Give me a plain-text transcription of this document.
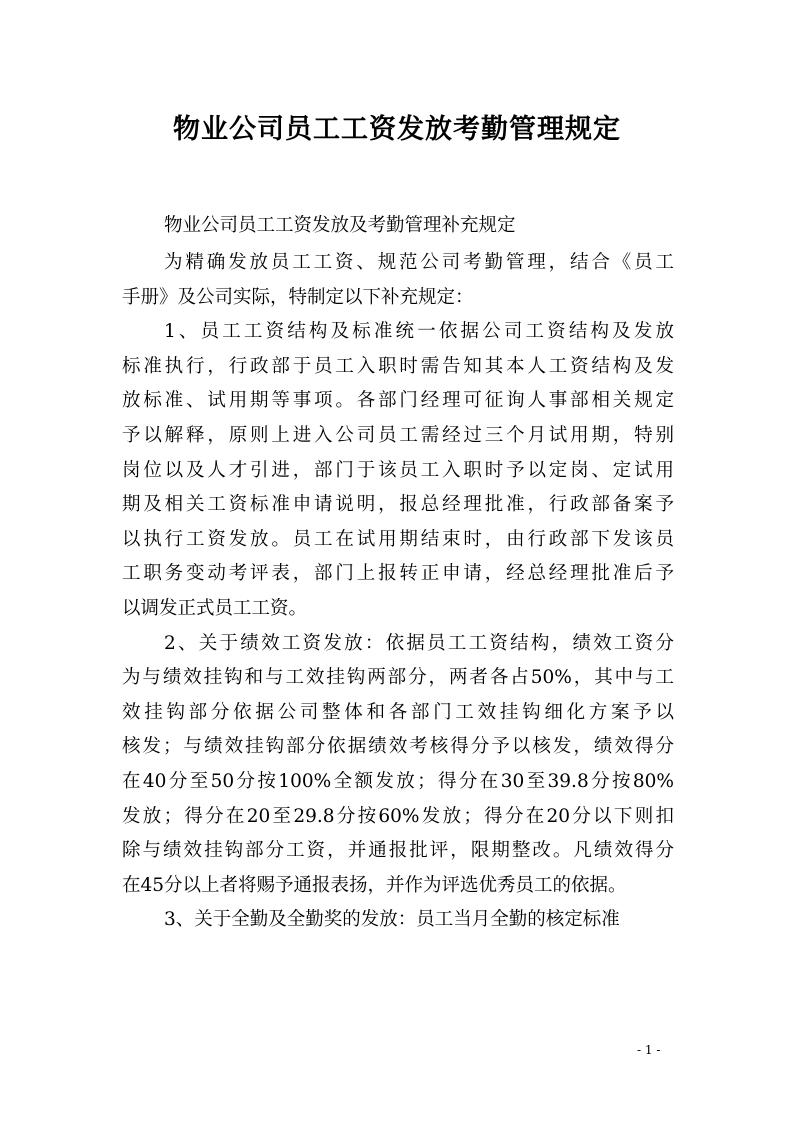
物业公司员工工资发放考勤管理规定
物业公司员工工资发放及考勤管理补充规定
为精确发放员工工资、规范公司考勤管理，结合《员工
手册》及公司实际，特制定以下补充规定：
1、员工工资结构及标准统一依据公司工资结构及发放
标准执行，行政部于员工入职时需告知其本人工资结构及发
放标准、试用期等事项。各部门经理可征询人事部相关规定
予以解释，原则上进入公司员工需经过三个月试用期，特别
岗位以及人才引进，部门于该员工入职时予以定岗、定试用
期及相关工资标准申请说明，报总经理批准，行政部备案予
以执行工资发放。员工在试用期结束时，由行政部下发该员
工职务变动考评表，部门上报转正申请，经总经理批准后予
以调发正式员工工资。
2、关于绩效工资发放：依据员工工资结构，绩效工资分
为与绩效挂钩和与工效挂钩两部分，两者各占50%，其中与工
效挂钩部分依据公司整体和各部门工效挂钩细化方案予以
核发；与绩效挂钩部分依据绩效考核得分予以核发，绩效得分
在40分至50分按100%全额发放；得分在30至39.8分按80%
发放；得分在20至29.8分按60%发放；得分在20分以下则扣
除与绩效挂钩部分工资，并通报批评，限期整改。凡绩效得分
在45分以上者将赐予通报表扬，并作为评选优秀员工的依据。
3、关于全勤及全勤奖的发放：员工当月全勤的核定标准
- 1 -
